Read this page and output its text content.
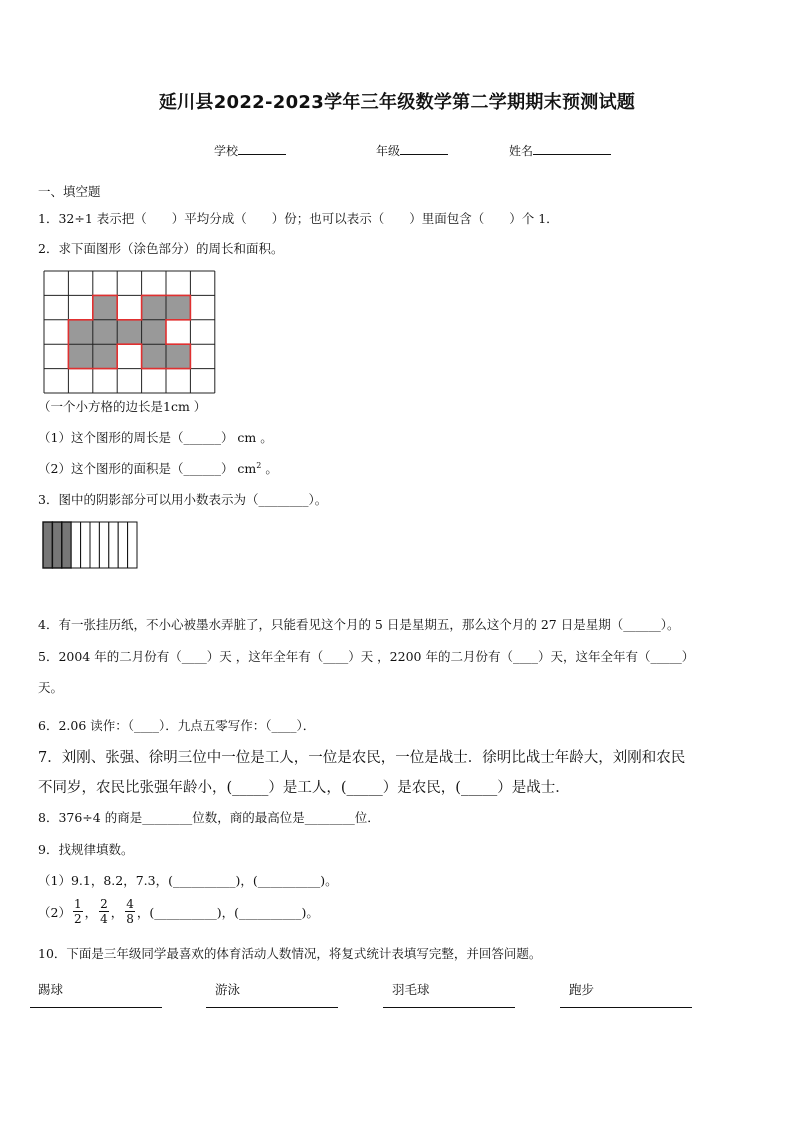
延川县2022-2023学年三年级数学第二学期期末预测试题
学校	年级	姓名
一、填空题
1．32÷1 表示把（　　）平均分成（　　）份；也可以表示（　　）里面包含（　　）个 1．
2．求下面图形（涂色部分）的周长和面积。
（一个小方格的边长是1cm ）
（1）这个图形的周长是（______） cm 。
（2）这个图形的面积是（______） $cm^2$ 。
3．图中的阴影部分可以用小数表示为（________）。
4．有一张挂历纸，不小心被墨水弄脏了，只能看见这个月的 5 日是星期五，那么这个月的 27 日是星期（______）。
5．2004 年的二月份有（____）天 ，这年全年有（____）天 ，2200 年的二月份有（____）天，这年全年有（_____）
天。
6．2.06 读作：（____）．九点五零写作：（____）．
7．刘刚、张强、徐明三位中一位是工人，一位是农民，一位是战士．徐明比战士年龄大，刘刚和农民
不同岁，农民比张强年龄小，(_____）是工人，(_____）是农民，(_____）是战士．
8．376÷4 的商是________位数，商的最高位是________位．
9．找规律填数。
（1）9.1，8.2，7.3，(__________)，(__________)。
$(2) \frac{1}{2}$ ， $\frac{2}{4}$ ， $\frac{4}{8}$ ，(__________)，(__________)。
10．下面是三年级同学最喜欢的体育活动人数情况，将复式统计表填写完整，并回答问题。
踢球	游泳	羽毛球	跑步
